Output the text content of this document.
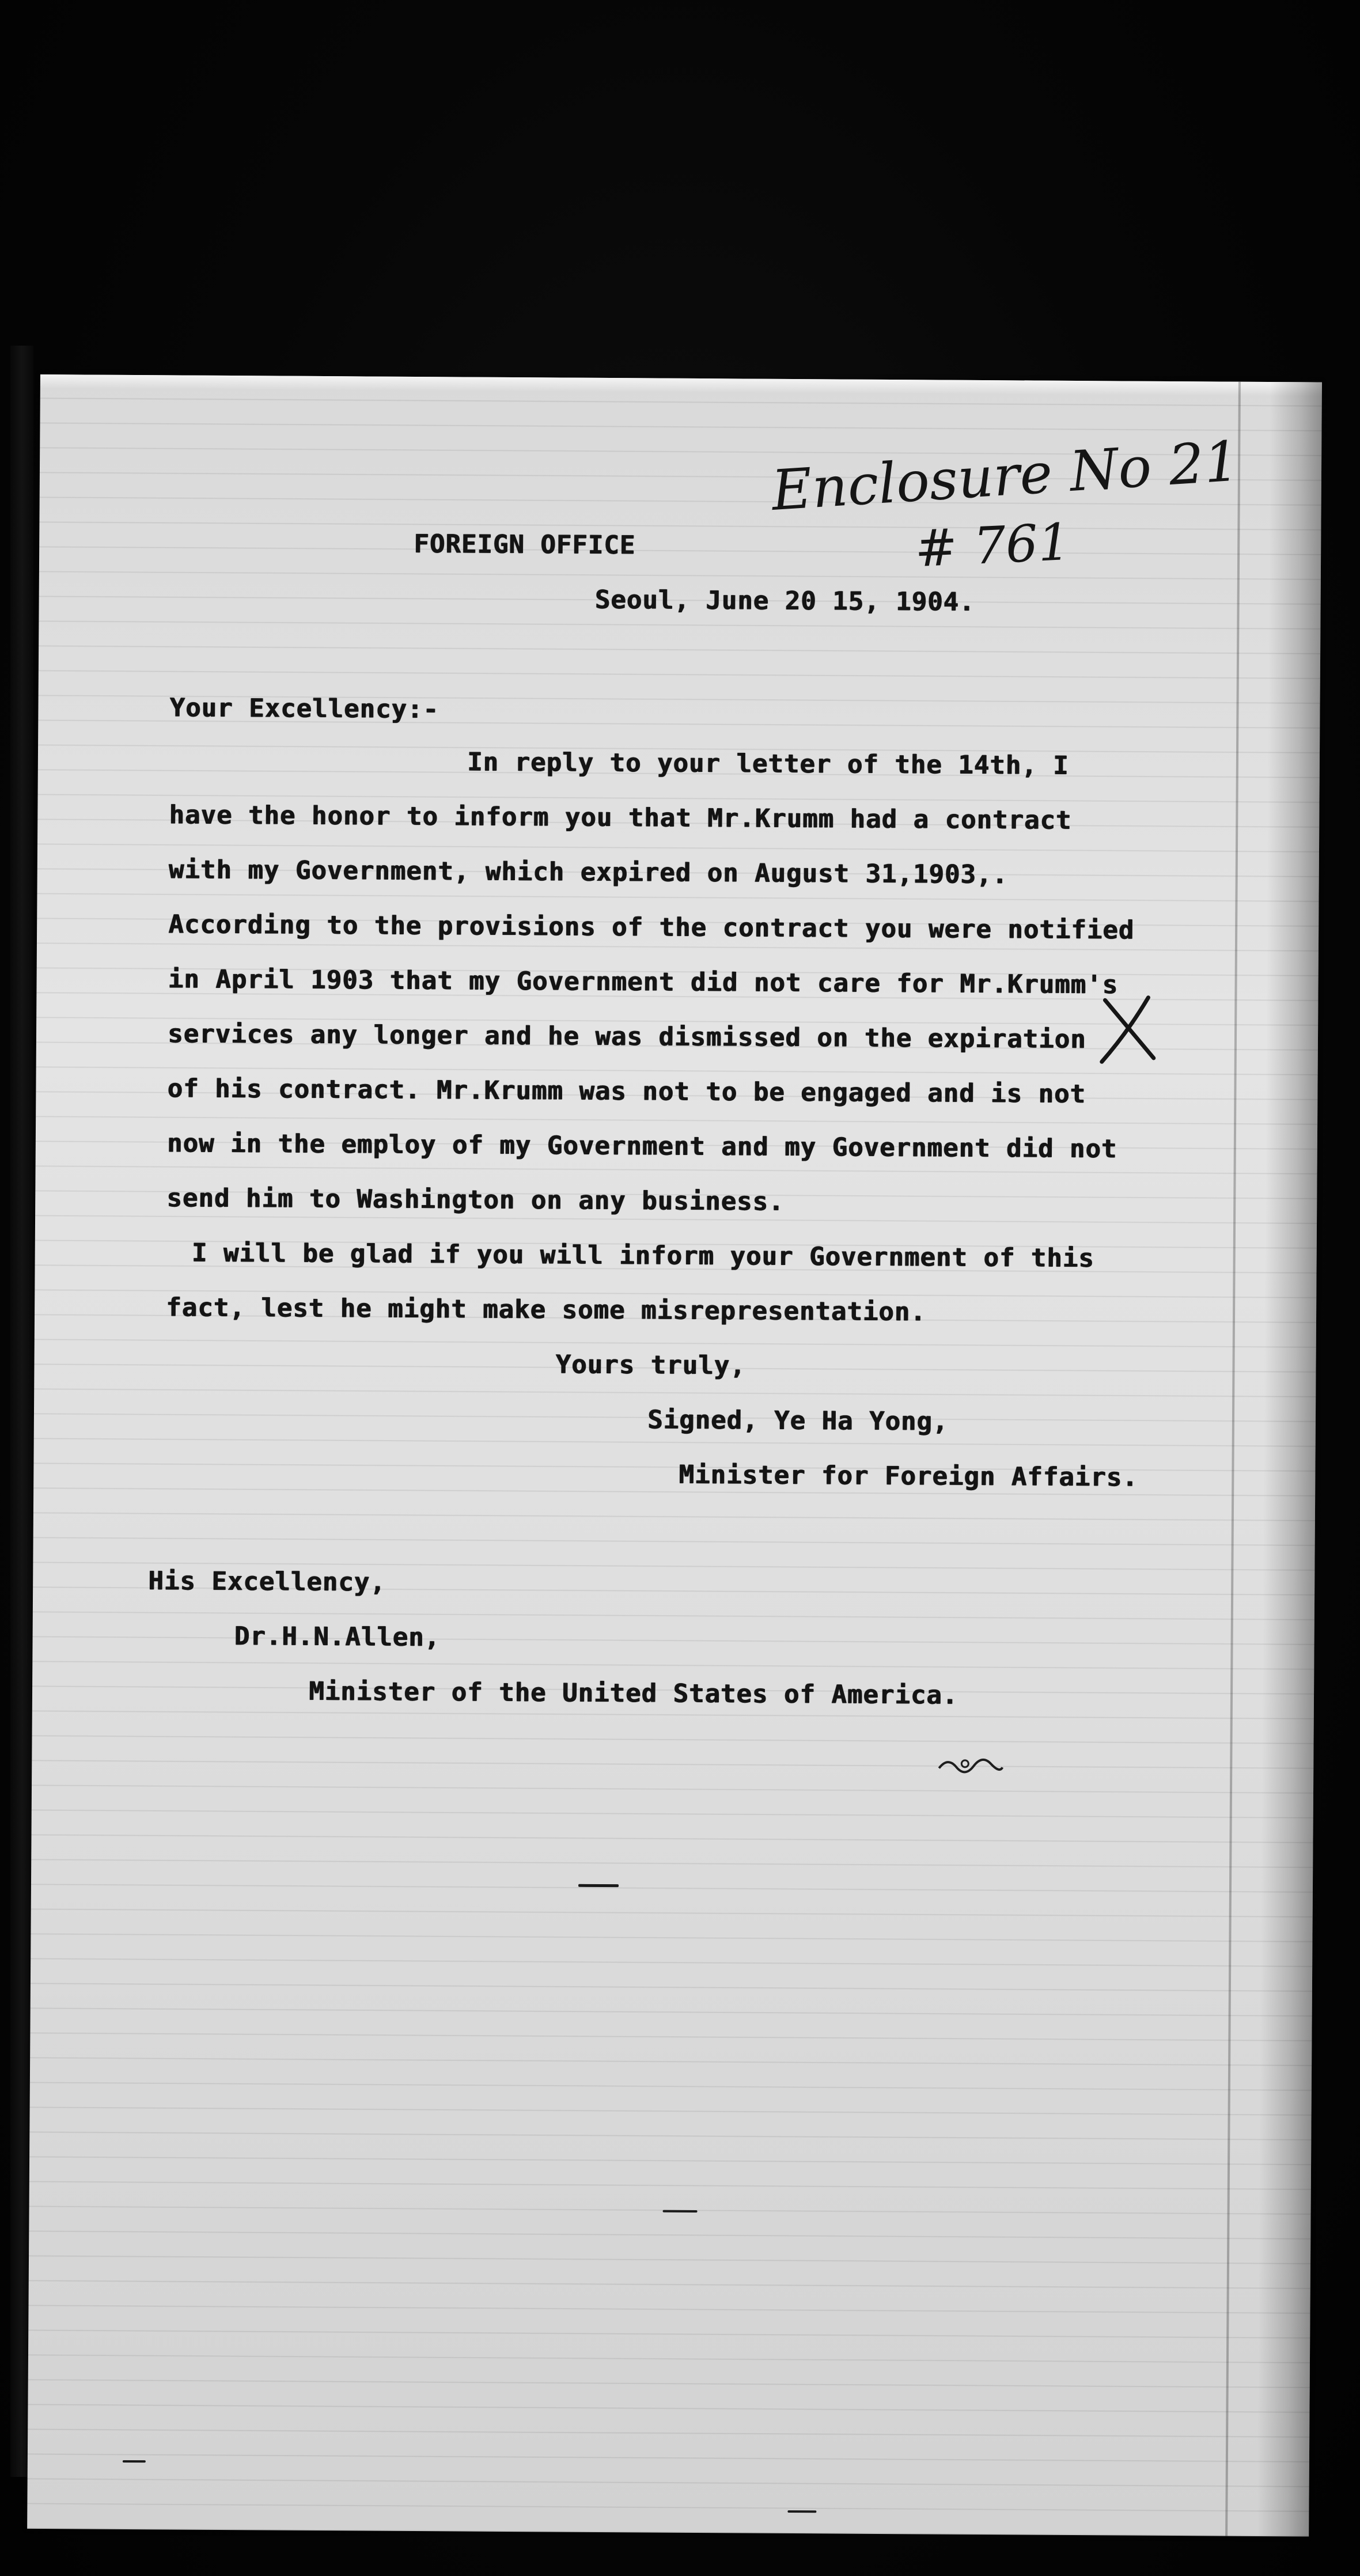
Enclosure No 21
# 761
FOREIGN OFFICE
Seoul, June 20 15, 1904.
Your Excellency:-
In reply to your letter of the 14th, I
have the honor to inform you that Mr.Krumm had a contract
with my Government, which expired on August 31,1903,.
According to the provisions of the contract you were notified
in April 1903 that my Government did not care for Mr.Krumm's
services any longer and he was dismissed on the expiration
of his contract. Mr.Krumm was not to be engaged and is not
now in the employ of my Government and my Government did not
send him to Washington on any business.
I will be glad if you will inform your Government of this
fact, lest he might make some misrepresentation.
Yours truly,
Signed, Ye Ha Yong,
Minister for Foreign Affairs.
His Excellency,
Dr.H.N.Allen,
Minister of the United States of America.
